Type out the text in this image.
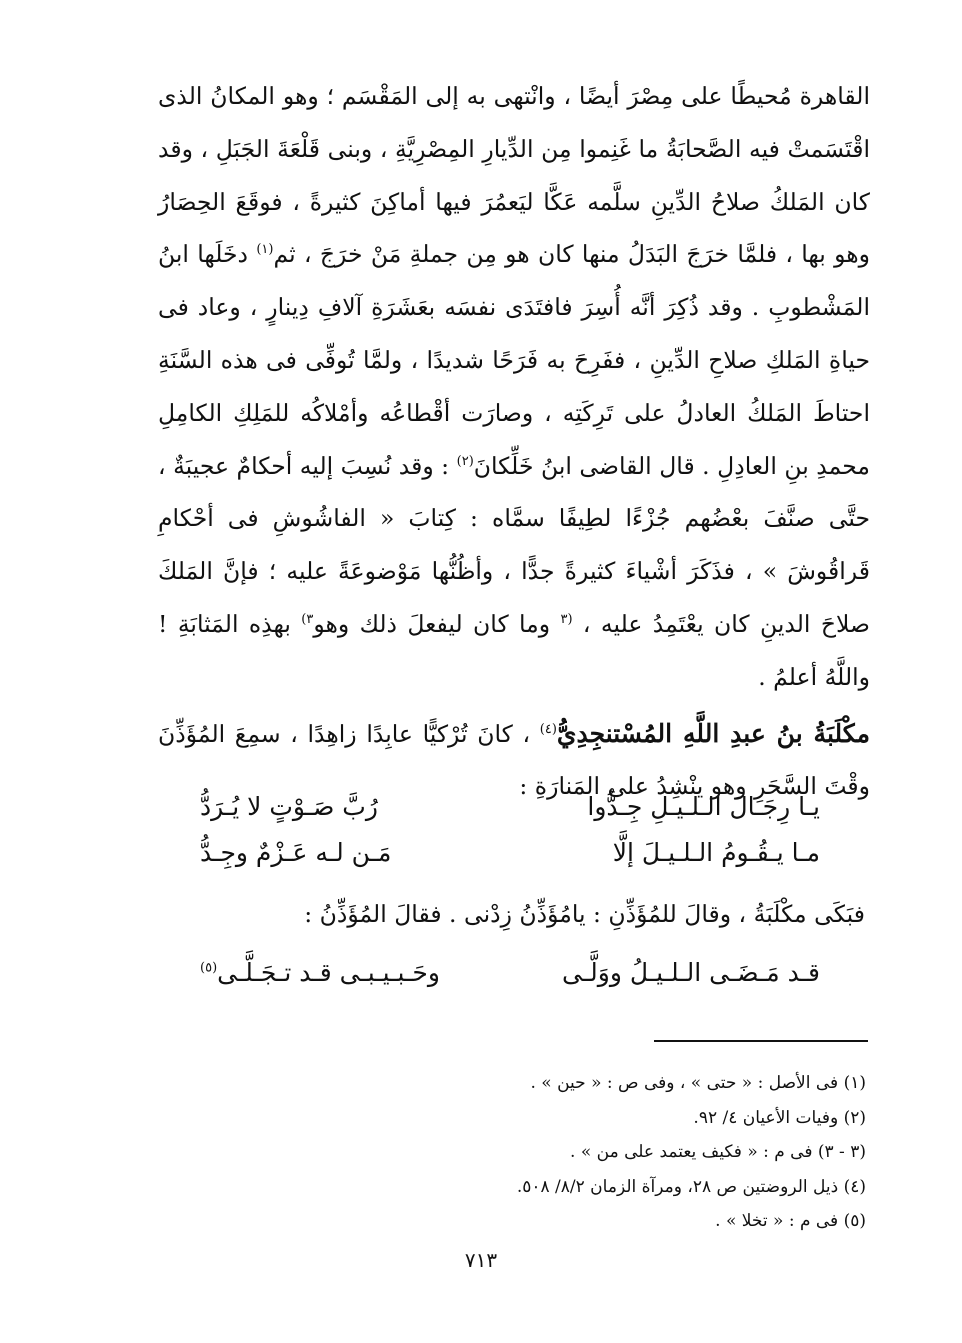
القاهرة مُحيطًا على مِصْرَ أيضًا ، وانْتهى به إلى المَقْسَم ؛ وهو المكانُ الذى اقْتَسَمتْ فيه الصَّحابَةُ ما غَنِموا مِن الدِّيارِ المِصْرِيَّةِ ، وبنى قَلْعَةَ الجَبَلِ ، وقد كان المَلكُ صلاحُ الدِّينِ سلَّمه عَكَّا ليَعمُرَ فيها أماكِنَ كثيرةً ، فوقَعَ الحِصَارُ وهو بها ، فلمَّا خرَجَ البَدَلُ منها كان هو مِن جملةِ مَنْ خرَجَ ، ثم$^{(١)}$ دخَلَها ابنُ المَشْطوبِ . وقد ذُكِرَ أنَّه أُسِرَ فافتَدَى نفسَه بعَشَرَةِ آلافِ دِينارٍ ، وعاد فى حياةِ المَلكِ صلاحِ الدِّينِ ، ففَرِحَ به فَرَحًا شديدًا ، ولمَّا تُوفِّى فى هذه السَّنَةِ احتاطَ المَلكُ العادلُ على تَرِكَتِه ، وصارَت أقْطاعُه وأمْلاكُه للمَلِكِ الكامِلِ محمدِ بنِ العادِلِ . قال القاضى ابنُ خَلِّكانَ$^{(٢)}$ : وقد نُسِبَ إليه أحكامٌ عجيبَةٌ ، حتَّى صنَّفَ بعْضُهم جُزْءًا لطِيفًا سمَّاه : كِتابَ « الفاشُوشِ فى أحْكامِ قَراقُوشَ » ، فذَكَرَ أشْياءَ كثيرةً جدًّا ، وأظُنُّها مَوْضوعَةً عليه ؛ فإنَّ المَلكَ صلاحَ الدينِ كان يعْتَمِدُ عليه ، $^{(٣}$ وما كان ليفعلَ ذلك وهو$^{٣)}$ بهذِه المَثابَةِ ! واللَّهُ أعلمُ .

مكْلَبَةُ بنُ عبدِ اللَّهِ المُسْتنجِدِيُّ$^{(٤)}$ ، كانَ تُرْكيًّا عابِدًا زاهِدًا ، سمِعَ المُؤَذِّنَ وقْتَ السَّحَرِ وهو ينْشِدُ على المَنارَةِ :

يـا رِجَـالَ الـلـيـلِ جِـدُّوا
رُبَّ صَـوْتٍ لا يُـرَدُّ
مـا يـقُـومُ الـلـيـلَ إلَّا
مَـن لـه عَـزْمٌ وجِـدُّ
فبَكَى مكْلَبَةُ ، وقالَ للمُؤَذِّنِ : يامُؤَذِّنُ زِدْنى . فقالَ المُؤَذِّنُ :
قـد مَـضَـى الـلـيـلُ ووَلَّـى
وحَـبـيـبـى قـد تـجَـلَّـى$^{(٥)}$

(١) فى الأصل : « حتى » ، وفى ص : « حين » .

(٢) وفيات الأعيان ٤/ ٩٢.

(٣ - ٣) فى م : « فكيف يعتمد على من » .

(٤) ذيل الروضتين ص ٢٨، ومرآة الزمان ٨/٢/ ٥٠٨.

(٥) فى م : « تخلا » .

٧١٣
